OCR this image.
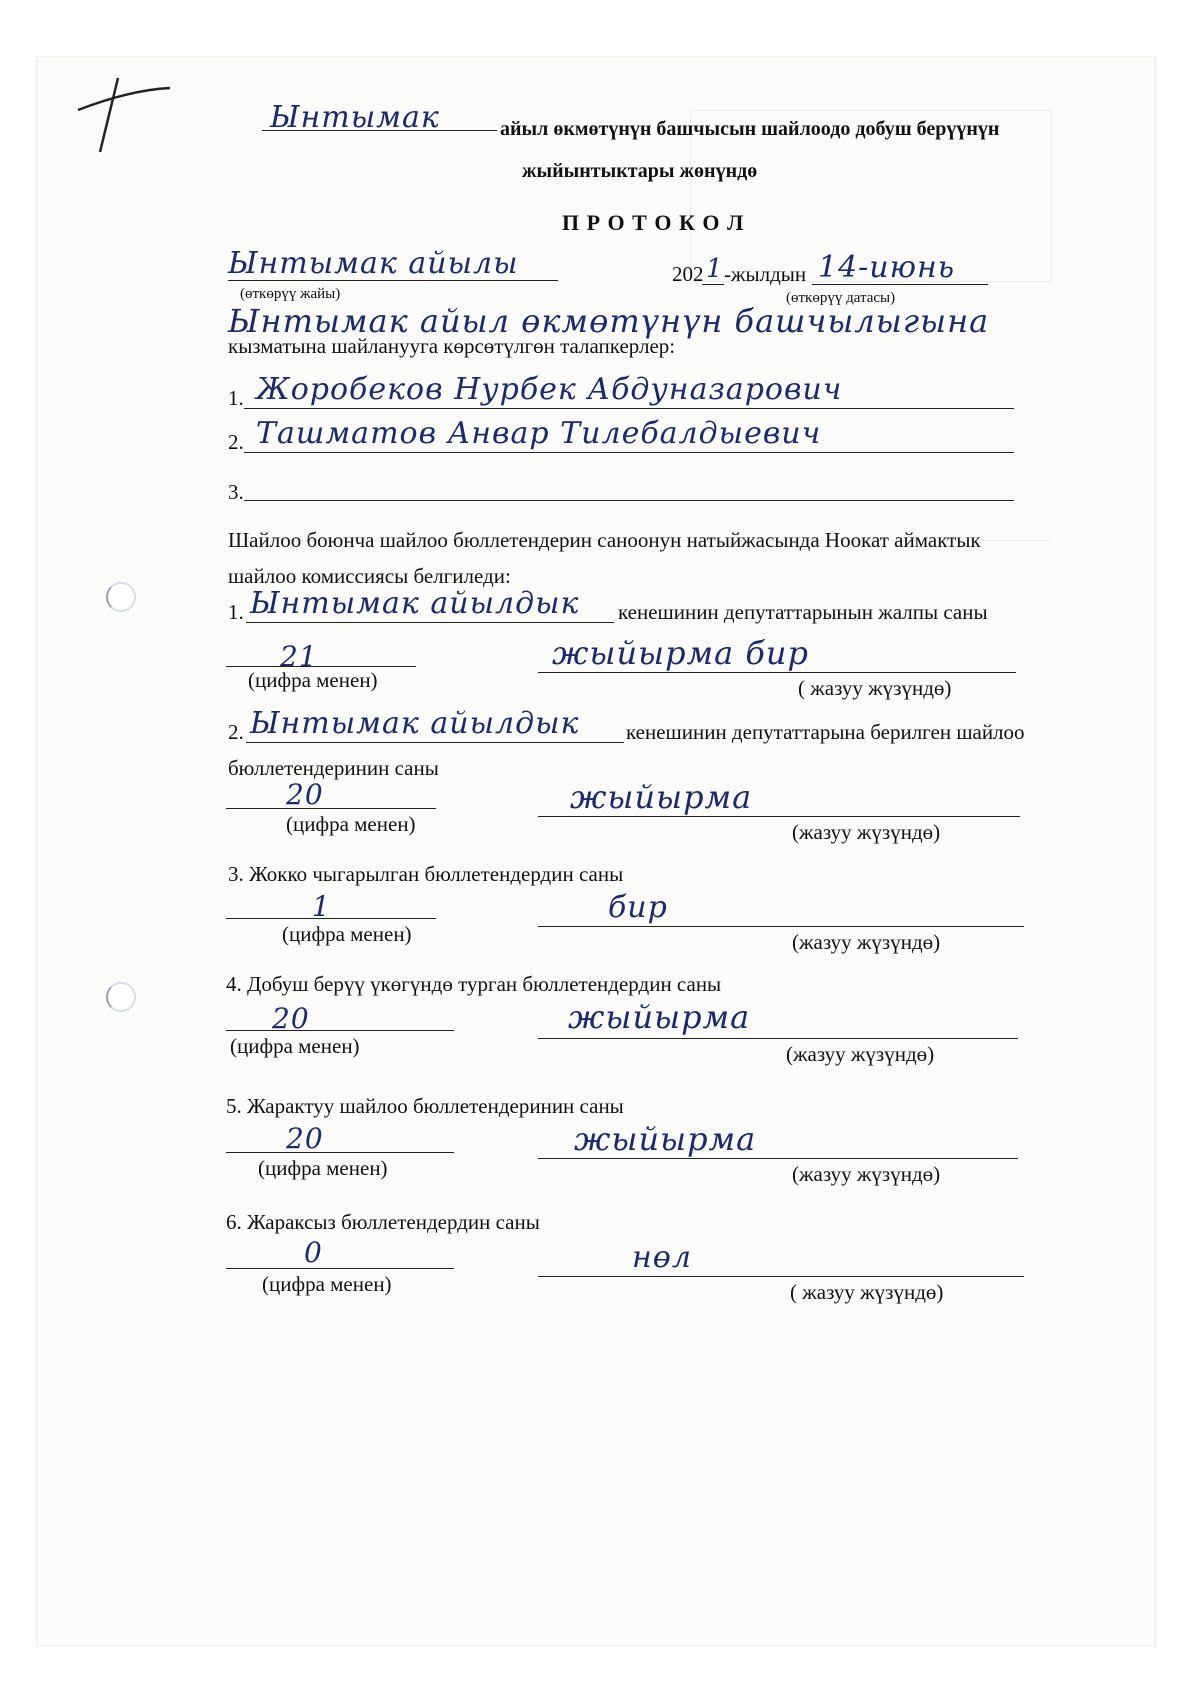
Ынтымак	айыл өкмөтүнүн башчысын шайлоодо добуш берүүнүн
жыйынтыктары жөнүндө
П Р О Т О К О Л
Ынтымак айылы
(өткөрүү жайы)
202 1 -жылдын 14-июнь
(өткөрүү датасы)
Ынтымак айыл өкмөтүнүн башчылыгына
кызматына шайланууга көрсөтүлгөн талапкерлер:
1. Жоробеков Нурбек Абдуназарович
2. Ташматов Анвар Тилебалдыевич
3.
Шайлоо боюнча шайлоо бюллетендерин саноонун натыйжасында Ноокат аймактык
шайлоо комиссиясы белгиледи:
1. Ынтымак айылдык кенешинин депутаттарынын жалпы саны
21
(цифра менен)
жыйырма бир
( жазуу жүзүндө)
2. Ынтымак айылдык кенешинин депутаттарына берилген шайлоо
бюллетендеринин саны
20
(цифра менен)
жыйырма
(жазуу жүзүндө)
3. Жокко чыгарылган бюллетендердин саны
1
(цифра менен)
бир
(жазуу жүзүндө)
4. Добуш берүү үкөгүндө турган бюллетендердин саны
20
(цифра менен)
жыйырма
(жазуу жүзүндө)
5. Жарактуу шайлоо бюллетендеринин саны
20
(цифра менен)
жыйырма
(жазуу жүзүндө)
6. Жараксыз бюллетендердин саны
0
(цифра менен)
нөл
( жазуу жүзүндө)
